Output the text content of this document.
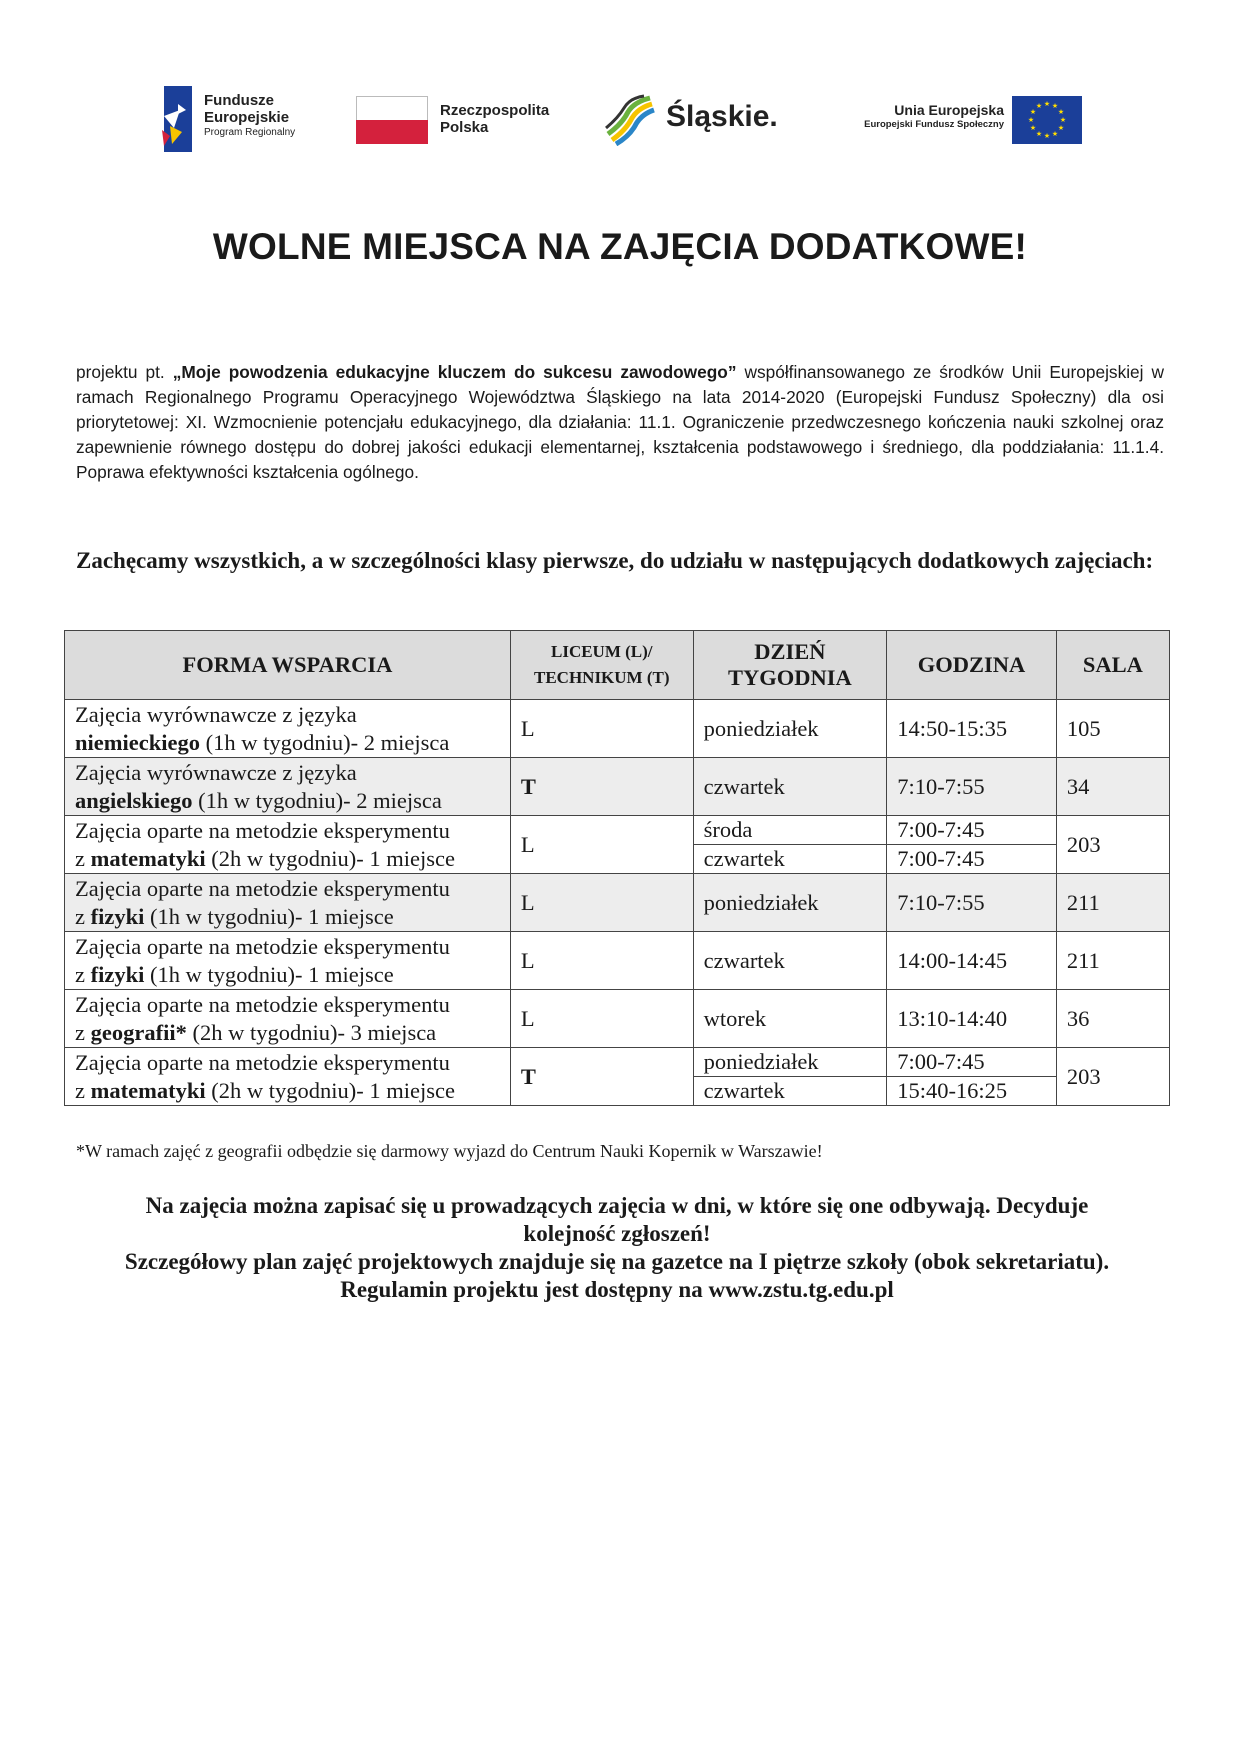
Fundusze
Europejskie
Program Regionalny
Rzeczpospolita
Polska	Śląskie.	Unia Europejska
Europejski Fundusz Społeczny
★ ★
★
★
★
★
★
★
★
★
★
★
WOLNE MIEJSCA NA ZAJĘCIA DODATKOWE!
projektu pt. „Moje powodzenia edukacyjne kluczem do sukcesu zawodowego” współfinansowanego ze środków Unii Europejskiej w ramach Regionalnego Programu Operacyjnego Województwa Śląskiego na lata 2014-2020 (Europejski Fundusz Społeczny) dla osi priorytetowej: XI. Wzmocnienie potencjału edukacyjnego, dla działania: 11.1. Ograniczenie przedwczesnego kończenia nauki szkolnej oraz zapewnienie równego dostępu do dobrej jakości edukacji elementarnej, kształcenia podstawowego i średniego, dla poddziałania: 11.1.4. Poprawa efektywności kształcenia ogólnego.
Zachęcamy wszystkich, a w szczególności klasy pierwsze, do udziału w następujących dodatkowych zajęciach:
FORMA WSPARCIA	LICEUM (L)/ TECHNIKUM (T)	DZIEŃ TYGODNIA	GODZINA	SALA

Zajęcia wyrównawcze z języka
niemieckiego (1h w tygodniu)- 2 miejsca	L	poniedziałek	14:50-15:35	105

Zajęcia wyrównawcze z języka
angielskiego (1h w tygodniu)- 2 miejsca	T	czwartek	7:10-7:55	34

Zajęcia oparte na metodzie eksperymentu
z matematyki (2h w tygodniu)- 1 miejsce	L	środa	7:00-7:45	203
		czwartek	7:00-7:45	

Zajęcia oparte na metodzie eksperymentu
z fizyki (1h w tygodniu)- 1 miejsce	L	poniedziałek	7:10-7:55	211

Zajęcia oparte na metodzie eksperymentu
z fizyki (1h w tygodniu)- 1 miejsce	L	czwartek	14:00-14:45	211

Zajęcia oparte na metodzie eksperymentu
z geografii* (2h w tygodniu)- 3 miejsca	L	wtorek	13:10-14:40	36

Zajęcia oparte na metodzie eksperymentu
z matematyki (2h w tygodniu)- 1 miejsce	T	poniedziałek	7:00-7:45	203
		czwartek	15:40-16:25	
*W ramach zajęć z geografii odbędzie się darmowy wyjazd do Centrum Nauki Kopernik w Warszawie!
Na zajęcia można zapisać się u prowadzących zajęcia w dni, w które się one odbywają. Decyduje
kolejność zgłoszeń!
Szczegółowy plan zajęć projektowych znajduje się na gazetce na I piętrze szkoły (obok sekretariatu).
Regulamin projektu jest dostępny na www.zstu.tg.edu.pl
